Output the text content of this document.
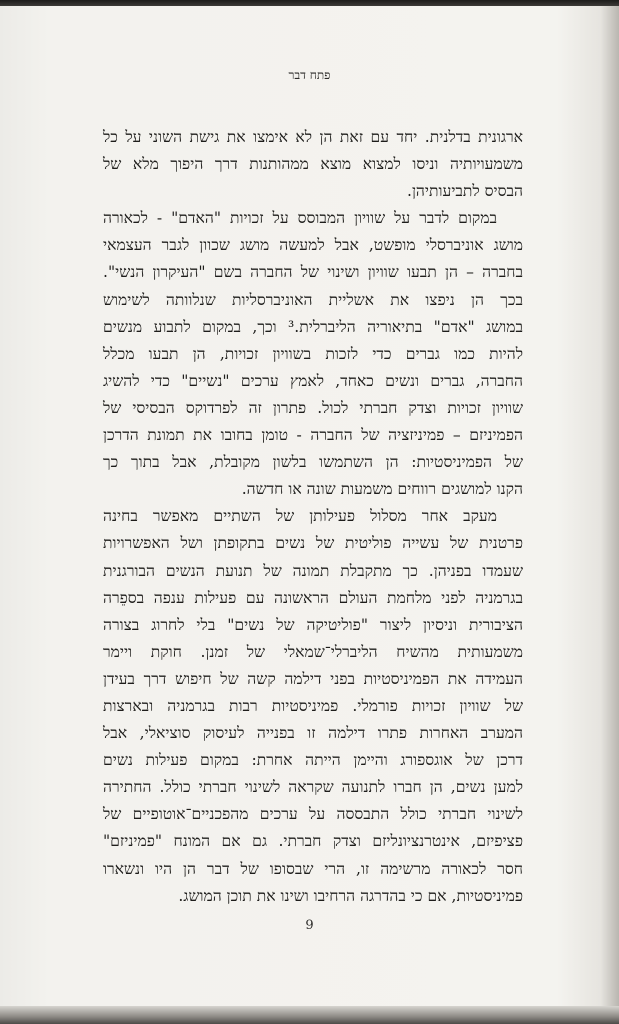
פתח דבר
ארגונית בדלנית. יחד עם זאת הן לא אימצו את גישת השוני על כל
משמעויותיה וניסו למצוא מוצא ממהותנות דרך היפוך מלא של
הבסיס לתביעותיהן.
במקום לדבר על שוויון המבוסס על זכויות "האדם" - לכאורה
מושג אוניברסלי מופשט, אבל למעשה מושג שכוון לגבר העצמאי
בחברה – הן תבעו שוויון ושינוי של החברה בשם "העיקרון הנשי".
בכך הן ניפצו את אשליית האוניברסליות שנלוותה לשימוש
במושג "אדם" בתיאוריה הליברלית.³ וכך, במקום לתבוע מנשים
להיות כמו גברים כדי לזכות בשוויון זכויות, הן תבעו מכלל
החברה, גברים ונשים כאחד, לאמץ ערכים "נשיים" כדי להשיג
שוויון זכויות וצדק חברתי לכול. פתרון זה לפרדוקס הבסיסי של
הפמיניזם – פמיניזציה של החברה - טומן בחובו את תמונת הדרכן
של הפמיניסטיות: הן השתמשו בלשון מקובלת, אבל בתוך כך
הקנו למושגים רווחים משמעות שונה או חדשה.
מעקב אחר מסלול פעילותן של השתיים מאפשר בחינה
פרטנית של עשייה פוליטית של נשים בתקופתן ושל האפשרויות
שעמדו בפניהן. כך מתקבלת תמונה של תנועת הנשים הבורגנית
בגרמניה לפני מלחמת העולם הראשונה עם פעילות ענפה בספֵרה
הציבורית וניסיון ליצור "פוליטיקה של נשים" בלי לחרוג בצורה
משמעותית מהשיח הליברלי־שמאלי של זמנן. חוקת ויימר
העמידה את הפמיניסטיות בפני דילמה קשה של חיפוש דרך בעידן
של שוויון זכויות פורמלי. פמיניסטיות רבות בגרמניה ובארצות
המערב האחרות פתרו דילמה זו בפנייה לעיסוק סוציאלי, אבל
דרכן של אוגספורג והיימן הייתה אחרת: במקום פעילות נשים
למען נשים, הן חברו לתנועה שקראה לשינוי חברתי כולל. החתירה
לשינוי חברתי כולל התבססה על ערכים מהפכניים־אוטופיים של
פציפיזם, אינטרנציונליזם וצדק חברתי. גם אם המונח "פמיניזם"
חסר לכאורה מרשימה זו, הרי שבסופו של דבר הן היו ונשארו
פמיניסטיות, אם כי בהדרגה הרחיבו ושינו את תוכן המושג.
9
